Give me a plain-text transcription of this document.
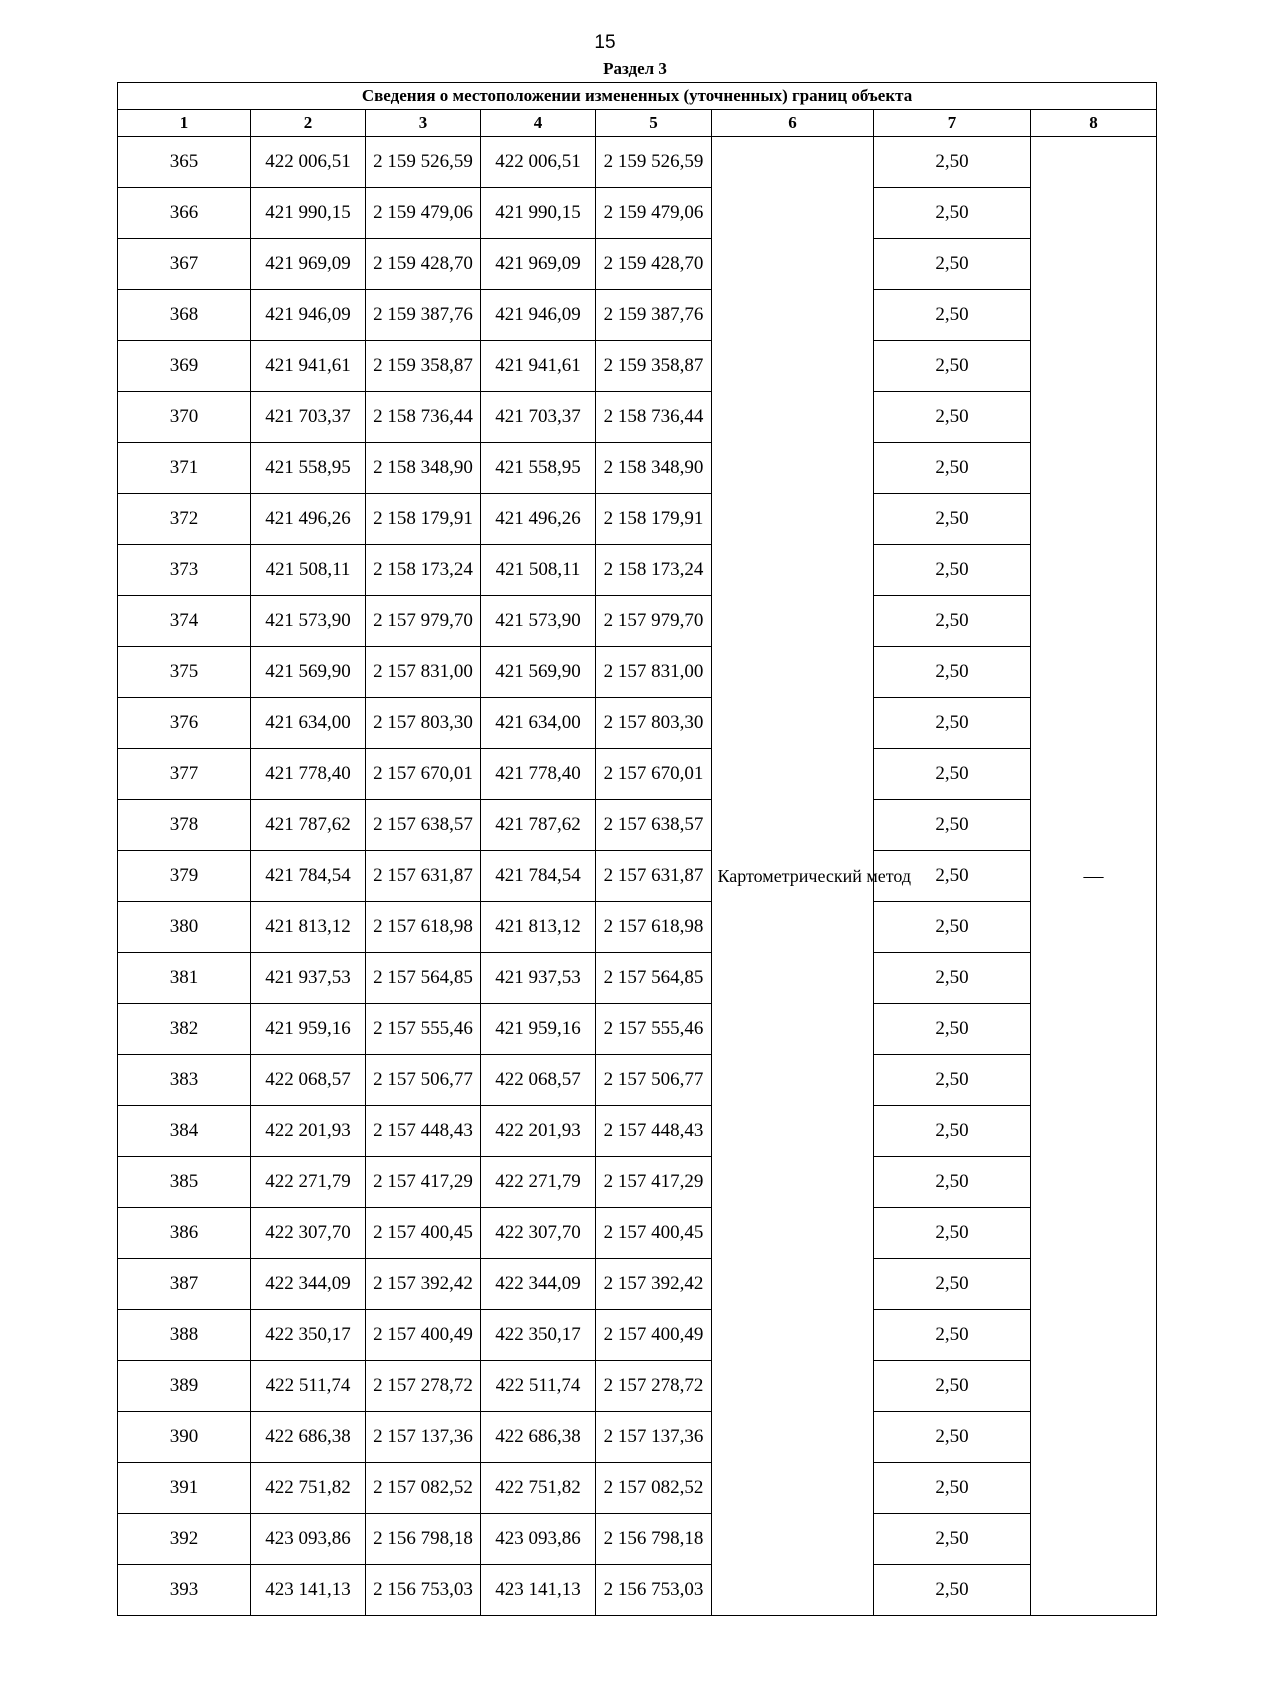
15
Раздел 3
Сведения о местоположении измененных (уточненных) границ объекта							
1	2	3	4	5	6	7	8
365	422 006,51	2 159 526,59	422 006,51	2 159 526,59	Картометрический метод	2,50	—
366	421 990,15	2 159 479,06	421 990,15	2 159 479,06		2,50	
367	421 969,09	2 159 428,70	421 969,09	2 159 428,70		2,50	
368	421 946,09	2 159 387,76	421 946,09	2 159 387,76		2,50	
369	421 941,61	2 159 358,87	421 941,61	2 159 358,87		2,50	
370	421 703,37	2 158 736,44	421 703,37	2 158 736,44		2,50	
371	421 558,95	2 158 348,90	421 558,95	2 158 348,90		2,50	
372	421 496,26	2 158 179,91	421 496,26	2 158 179,91		2,50	
373	421 508,11	2 158 173,24	421 508,11	2 158 173,24		2,50	
374	421 573,90	2 157 979,70	421 573,90	2 157 979,70		2,50	
375	421 569,90	2 157 831,00	421 569,90	2 157 831,00		2,50	
376	421 634,00	2 157 803,30	421 634,00	2 157 803,30		2,50	
377	421 778,40	2 157 670,01	421 778,40	2 157 670,01		2,50	
378	421 787,62	2 157 638,57	421 787,62	2 157 638,57		2,50	
379	421 784,54	2 157 631,87	421 784,54	2 157 631,87		2,50	
380	421 813,12	2 157 618,98	421 813,12	2 157 618,98		2,50	
381	421 937,53	2 157 564,85	421 937,53	2 157 564,85		2,50	
382	421 959,16	2 157 555,46	421 959,16	2 157 555,46		2,50	
383	422 068,57	2 157 506,77	422 068,57	2 157 506,77		2,50	
384	422 201,93	2 157 448,43	422 201,93	2 157 448,43		2,50	
385	422 271,79	2 157 417,29	422 271,79	2 157 417,29		2,50	
386	422 307,70	2 157 400,45	422 307,70	2 157 400,45		2,50	
387	422 344,09	2 157 392,42	422 344,09	2 157 392,42		2,50	
388	422 350,17	2 157 400,49	422 350,17	2 157 400,49		2,50	
389	422 511,74	2 157 278,72	422 511,74	2 157 278,72		2,50	
390	422 686,38	2 157 137,36	422 686,38	2 157 137,36		2,50	
391	422 751,82	2 157 082,52	422 751,82	2 157 082,52		2,50	
392	423 093,86	2 156 798,18	423 093,86	2 156 798,18		2,50	
393	423 141,13	2 156 753,03	423 141,13	2 156 753,03		2,50	
